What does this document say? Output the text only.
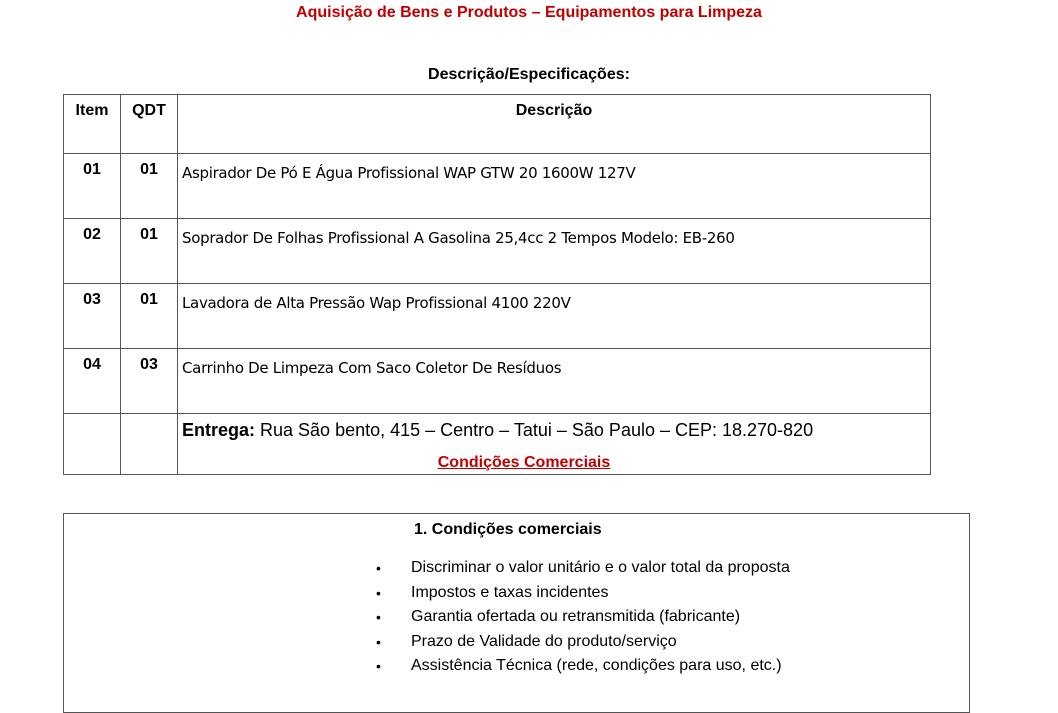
Aquisição de Bens e Produtos – Equipamentos para Limpeza
Descrição/Especificações:
Item	QDT	Descrição
01	01	Aspirador De Pó E Água Profissional WAP GTW 20 1600W 127V
02	01	Soprador De Folhas Profissional A Gasolina 25,4cc 2 Tempos Modelo: EB-260
03	01	Lavadora de Alta Pressão Wap Profissional 4100 220V
04	03	Carrinho De Limpeza Com Saco Coletor De Resíduos
		Entrega: Rua São bento, 415 – Centro – Tatui – São Paulo – CEP: 18.270-820
Condições Comerciais
1. Condições comerciais
• Discriminar o valor unitário e o valor total da proposta
• Impostos e taxas incidentes
• Garantia ofertada ou retransmitida (fabricante)
• Prazo de Validade do produto/serviço
• Assistência Técnica (rede, condições para uso, etc.)
